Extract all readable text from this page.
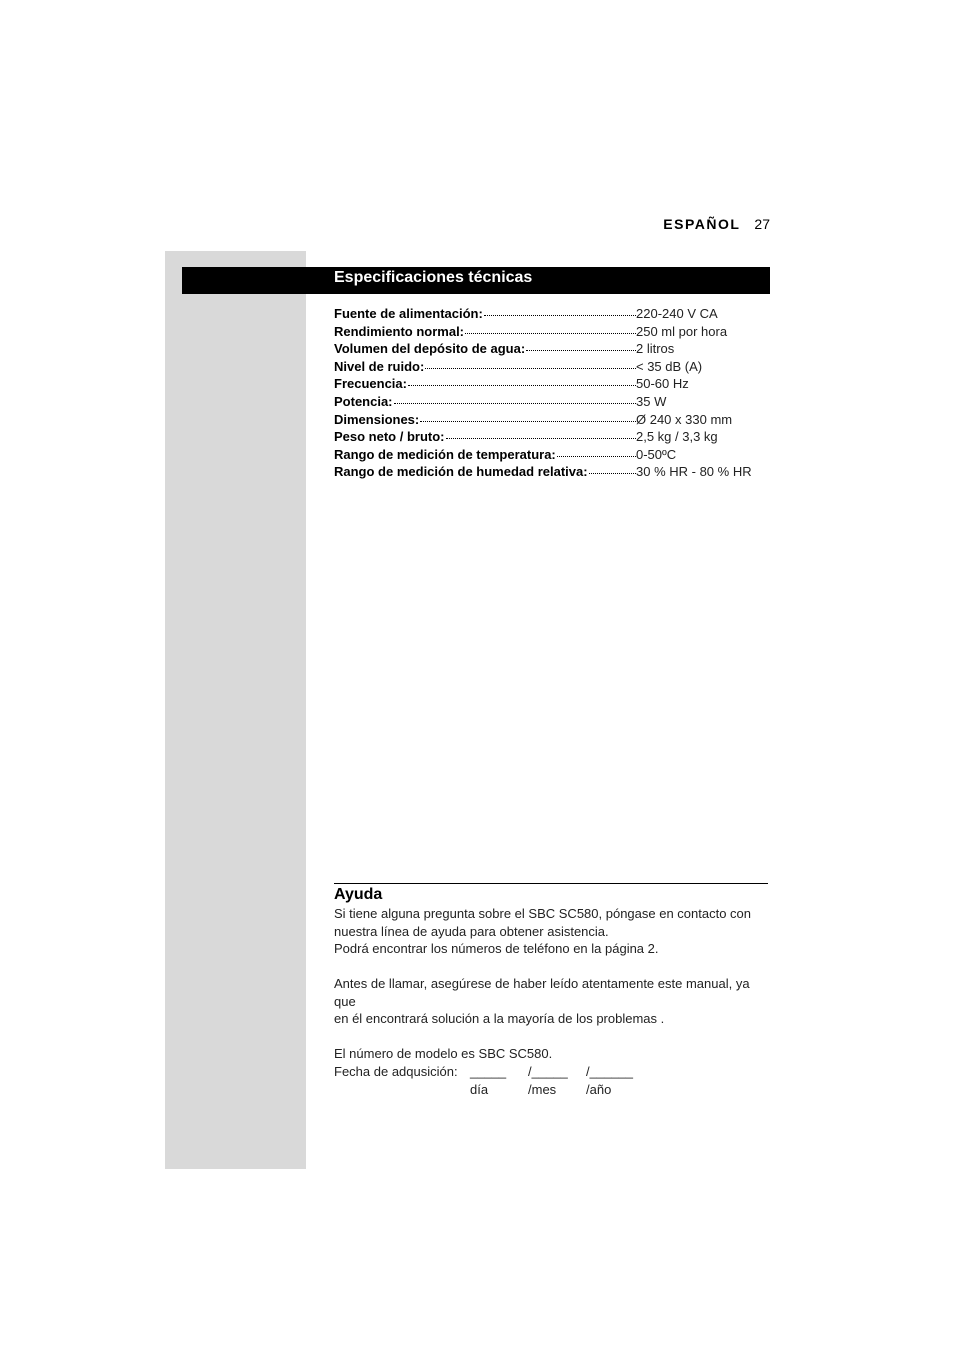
ESPAÑOL 27
Especificaciones técnicas
Fuente de alimentación:	220-240 V CA
Rendimiento normal:	250 ml por hora
Volumen del depósito de agua:	2 litros
Nivel de ruido:	< 35 dB (A)
Frecuencia:	50-60 Hz
Potencia:	35 W
Dimensiones:	Ø 240 x 330 mm
Peso neto / bruto:	2,5 kg / 3,3 kg
Rango de medición de temperatura:	0-50ºC
Rango de medición de humedad relativa:	30 % HR - 80 % HR
Ayuda

Si tiene alguna pregunta sobre el SBC SC580, póngase en contacto con
nuestra línea de ayuda para obtener asistencia.
Podrá encontrar los números de teléfono en la página 2.

Antes de llamar, asegúrese de haber leído atentamente este manual, ya que
en él encontrará solución a la mayoría de los problemas .

El número de modelo es SBC SC580.

Fecha de adqusición: _____ /_____ /______
día	/mes /año
